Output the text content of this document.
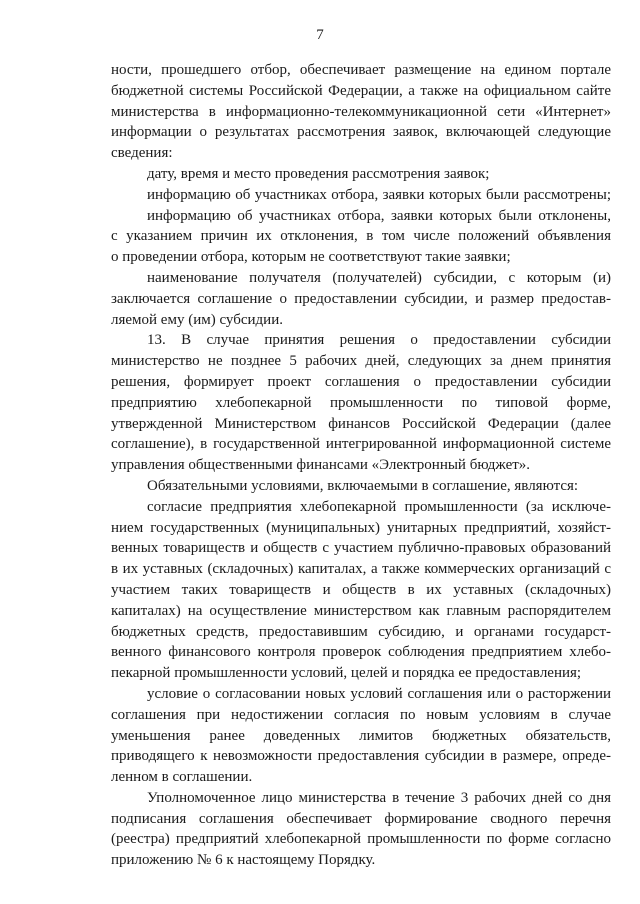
7
ности, прошедшего отбор, обеспечивает размещение на едином портале
бюджетной системы Российской Федерации, а также на официальном сайте
министерства в информационно-телекоммуникационной сети «Интернет»
информации о результатах рассмотрения заявок, включающей следующие
сведения:
дату, время и место проведения рассмотрения заявок;
информацию об участниках отбора, заявки которых были рассмотрены;
информацию об участниках отбора, заявки которых были отклонены,
с указанием причин их отклонения, в том числе положений объявления
о проведении отбора, которым не соответствуют такие заявки;
наименование получателя (получателей) субсидии, с которым (и)
заключается соглашение о предоставлении субсидии, и размер предостав-
ляемой ему (им) субсидии.
13. В случае принятия решения о предоставлении субсидии
министерство не позднее 5 рабочих дней, следующих за днем принятия
решения, формирует проект соглашения о предоставлении субсидии
предприятию хлебопекарной промышленности по типовой форме,
утвержденной Министерством финансов Российской Федерации (далее
соглашение), в государственной интегрированной информационной системе
управления общественными финансами «Электронный бюджет».
Обязательными условиями, включаемыми в соглашение, являются:
согласие предприятия хлебопекарной промышленности (за исключе-
нием государственных (муниципальных) унитарных предприятий, хозяйст-
венных товариществ и обществ с участием публично-правовых образований
в их уставных (складочных) капиталах, а также коммерческих организаций с
участием таких товариществ и обществ в их уставных (складочных)
капиталах) на осуществление министерством как главным распорядителем
бюджетных средств, предоставившим субсидию, и органами государст-
венного финансового контроля проверок соблюдения предприятием хлебо-
пекарной промышленности условий, целей и порядка ее предоставления;
условие о согласовании новых условий соглашения или о расторжении
соглашения при недостижении согласия по новым условиям в случае
уменьшения ранее доведенных лимитов бюджетных обязательств,
приводящего к невозможности предоставления субсидии в размере, опреде-
ленном в соглашении.
Уполномоченное лицо министерства в течение 3 рабочих дней со дня
подписания соглашения обеспечивает формирование сводного перечня
(реестра) предприятий хлебопекарной промышленности по форме согласно
приложению № 6 к настоящему Порядку.
